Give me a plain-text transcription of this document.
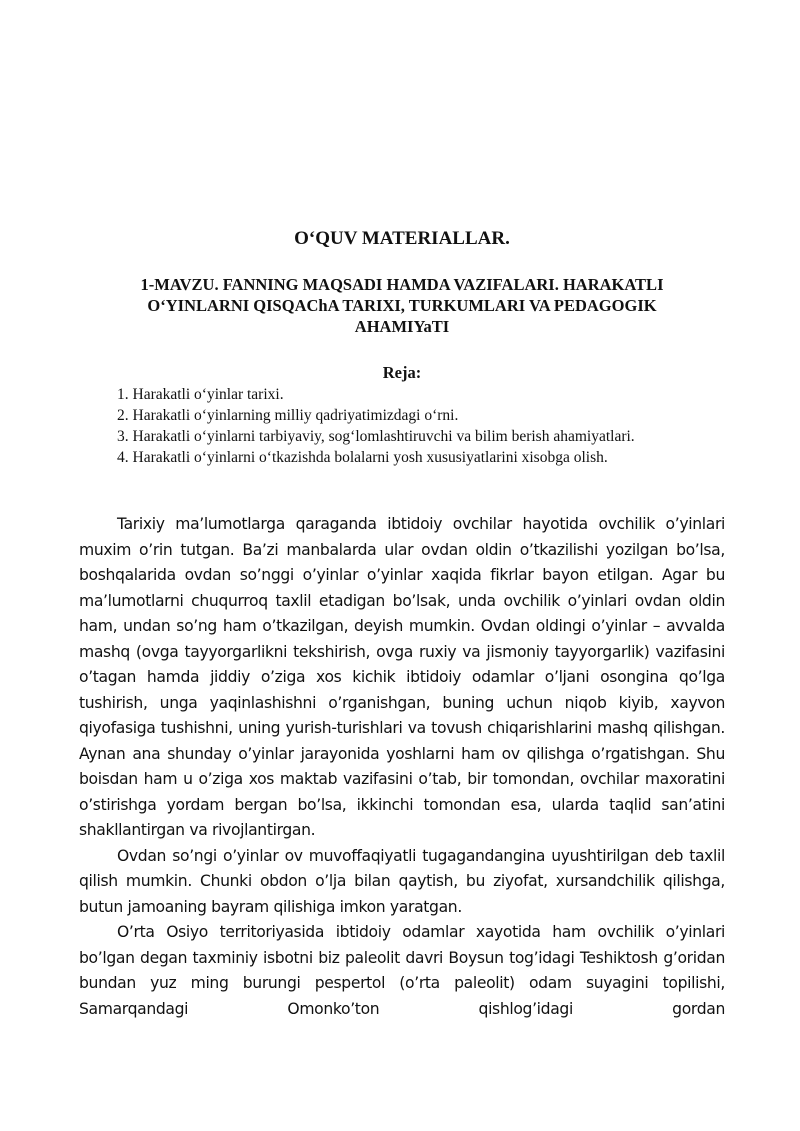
O‘QUV MATERIALLAR.
1-MAVZU. FANNING MAQSADI HAMDA VAZIFALARI. HARAKATLI
O‘YINLARNI QISQAChA TARIXI, TURKUMLARI VA PEDAGOGIK
AHAMIYaTI
Reja:
1. Harakatli o‘yinlar tarixi.
2. Harakatli o‘yinlarning milliy qadriyatimizdagi o‘rni.
3. Harakatli o‘yinlarni tarbiyaviy, sog‘lomlashtiruvchi va bilim berish ahamiyatlari.
4. Harakatli o‘yinlarni o‘tkazishda bolalarni yosh xususiyatlarini xisobga olish.

Tarixiy ma’lumotlarga qaraganda ibtidoiy ovchilar hayotida ovchilik o’yinlari muxim o’rin tutgan. Ba’zi manbalarda ular ovdan oldin o’tkazilishi yozilgan bo’lsa, boshqalarida ovdan so’nggi o’yinlar o’yinlar xaqida fikrlar bayon etilgan. Agar bu ma’lumotlarni chuqurroq taxlil etadigan bo’lsak, unda ovchilik o’yinlari ovdan oldin ham, undan so’ng ham o’tkazilgan, deyish mumkin. Ovdan oldingi o’yinlar – avvalda mashq (ovga tayyorgarlikni tekshirish, ovga ruxiy va jismoniy tayyorgarlik) vazifasini o’tagan hamda jiddiy o’ziga xos kichik ibtidoiy odamlar o’ljani osongina qo’lga tushirish, unga yaqinlashishni o’rganishgan, buning uchun niqob kiyib, xayvon qiyofasiga tushishni, uning yurish-turishlari va tovush chiqarishlarini mashq qilishgan. Aynan ana shunday o’yinlar jarayonida yoshlarni ham ov qilishga o’rgatishgan. Shu boisdan ham u o’ziga xos maktab vazifasini o’tab, bir tomondan, ovchilar maxoratini o’stirishga yordam bergan bo’lsa, ikkinchi tomondan esa, ularda taqlid san’atini shakllantirgan va rivojlantirgan.

Ovdan so’ngi o’yinlar ov muvoffaqiyatli tugagandangina uyushtirilgan deb taxlil qilish mumkin. Chunki obdon o’lja bilan qaytish, bu ziyofat, xursandchilik qilishga, butun jamoaning bayram qilishiga imkon yaratgan.

O’rta Osiyo territoriyasida ibtidoiy odamlar xayotida ham ovchilik o’yinlari bo’lgan degan taxminiy isbotni biz paleolit davri Boysun tog’idagi Teshiktosh g’oridan bundan yuz ming burungi pespertol (o’rta paleolit) odam suyagini topilishi, Samarqandagi Omonko’ton qishlog’idagi gordan
